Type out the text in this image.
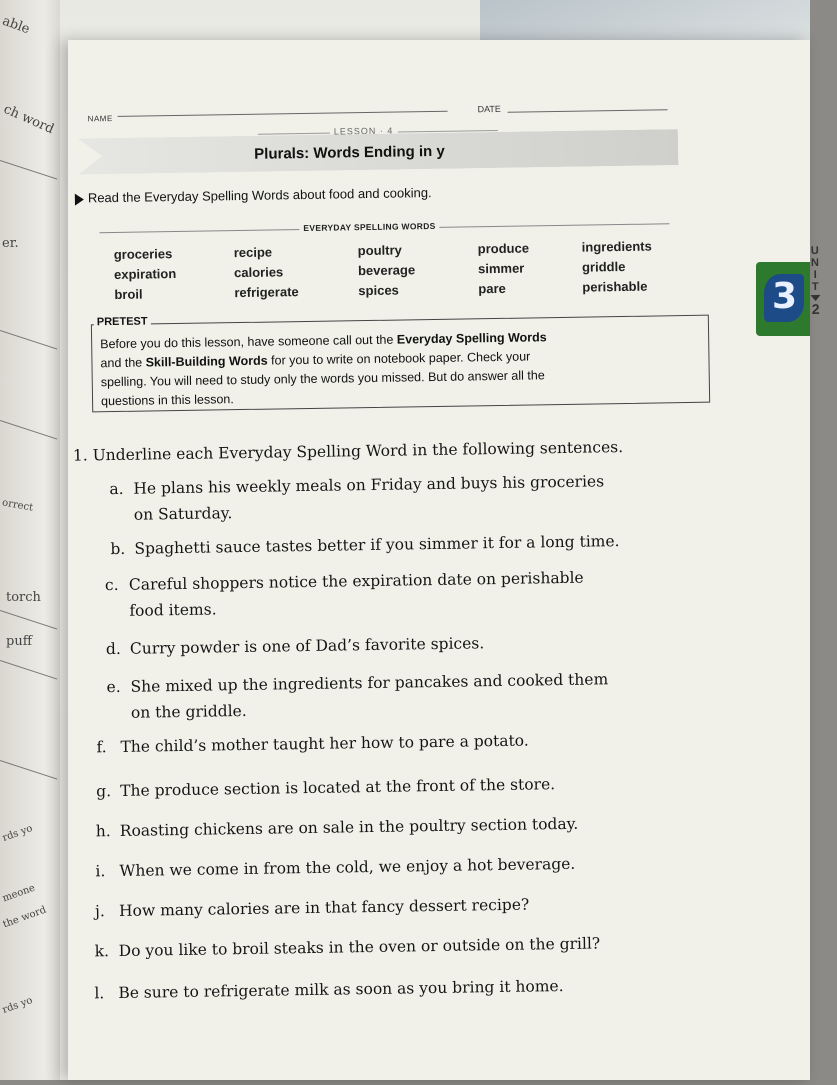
able
ch word
er.
orrect
torch
puff
rds yo
meone
the word
rds yo
NAME
DATE
LESSON · 4
Plurals: Words Ending in y
Read the Everyday Spelling Words about food and cooking.
EVERYDAY SPELLING WORDS
groceries
expiration
broil
recipe
calories
refrigerate
poultry
beverage
spices
produce
simmer
pare
ingredients
griddle
perishable
PRETEST
Before you do this lesson, have someone call out the Everyday Spelling Words
and the Skill-Building Words for you to write on notebook paper. Check your
spelling. You will need to study only the words you missed. But do answer all the
questions in this lesson.
1. Underline each Everyday Spelling Word in the following sentences.
a. He plans his weekly meals on Friday and buys his groceries
on Saturday.
b. Spaghetti sauce tastes better if you simmer it for a long time.
c. Careful shoppers notice the expiration date on perishable
food items.
d. Curry powder is one of Dad’s favorite spices.
e. She mixed up the ingredients for pancakes and cooked them
on the griddle.
f. The child’s mother taught her how to pare a potato.
g. The produce section is located at the front of the store.
h. Roasting chickens are on sale in the poultry section today.
i. When we come in from the cold, we enjoy a hot beverage.
j. How many calories are in that fancy dessert recipe?
k. Do you like to broil steaks in the oven or outside on the grill?
l. Be sure to refrigerate milk as soon as you bring it home.
U
N
I
T
2
3
